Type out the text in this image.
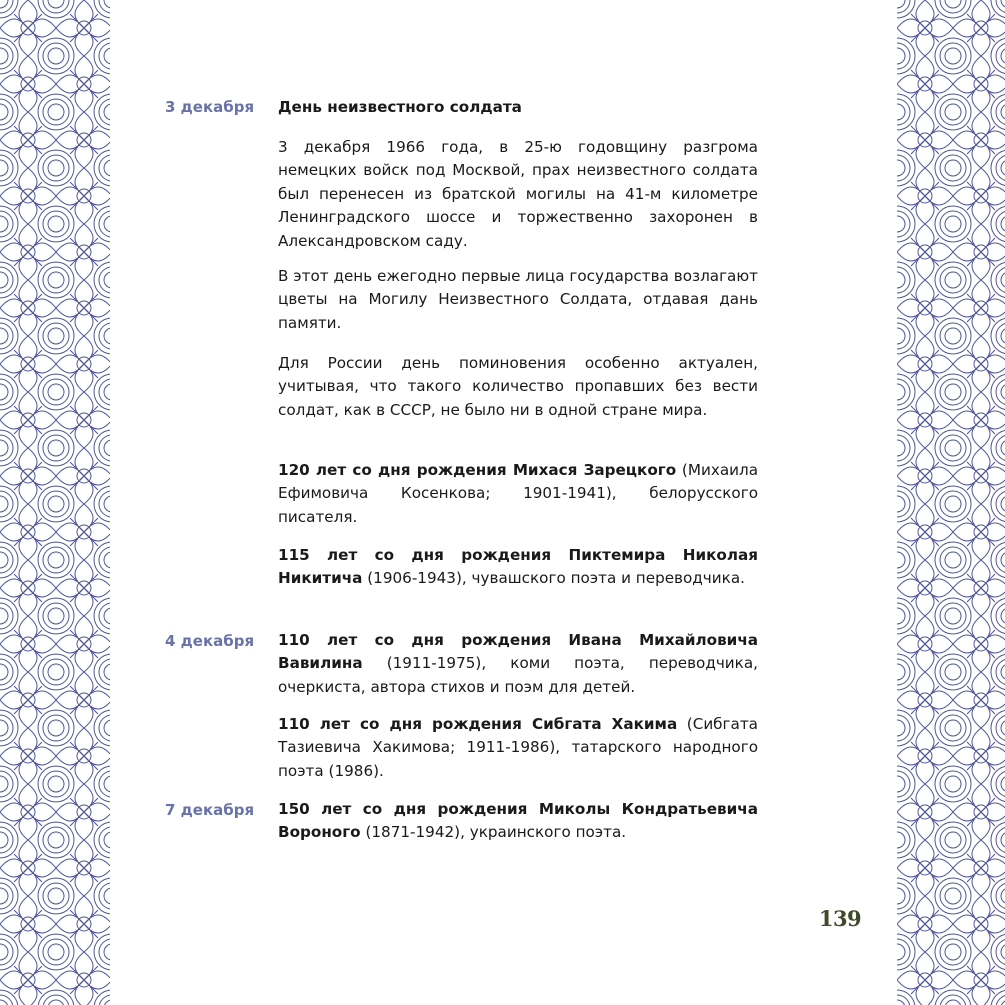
3 декабря
4 декабря
7 декабря
День неизвестного солдата

3 декабря 1966 года, в 25-ю годовщину разгрома немецких войск под Москвой, прах неизвестного солдата был перенесен из братской могилы на 41-м километре Ленинградского шоссе и торжественно захоронен в Александровском саду.

В этот день ежегодно первые лица государства возлагают цветы на Могилу Неизвестного Солдата, отдавая дань памяти.

Для России день поминовения особенно актуален, учитывая, что такого количество пропавших без вести солдат, как в СССР, не было ни в одной стране мира.

120 лет со дня рождения Михася Зарецкого (Михаила Ефимовича Косенкова; 1901-1941), белорусского писателя.

115 лет со дня рождения Пиктемира Николая Никитича (1906-1943), чувашского поэта и переводчика.

110 лет со дня рождения Ивана Михайловича Вавилина (1911-1975), коми поэта, переводчика, очеркиста, автора стихов и поэм для детей.

110 лет со дня рождения Сибгата Хакима (Сибгата Тазиевича Хакимова; 1911-1986), татарского народного поэта (1986).

150 лет со дня рождения Миколы Кондратьевича Вороного (1871-1942), украинского поэта.

139
